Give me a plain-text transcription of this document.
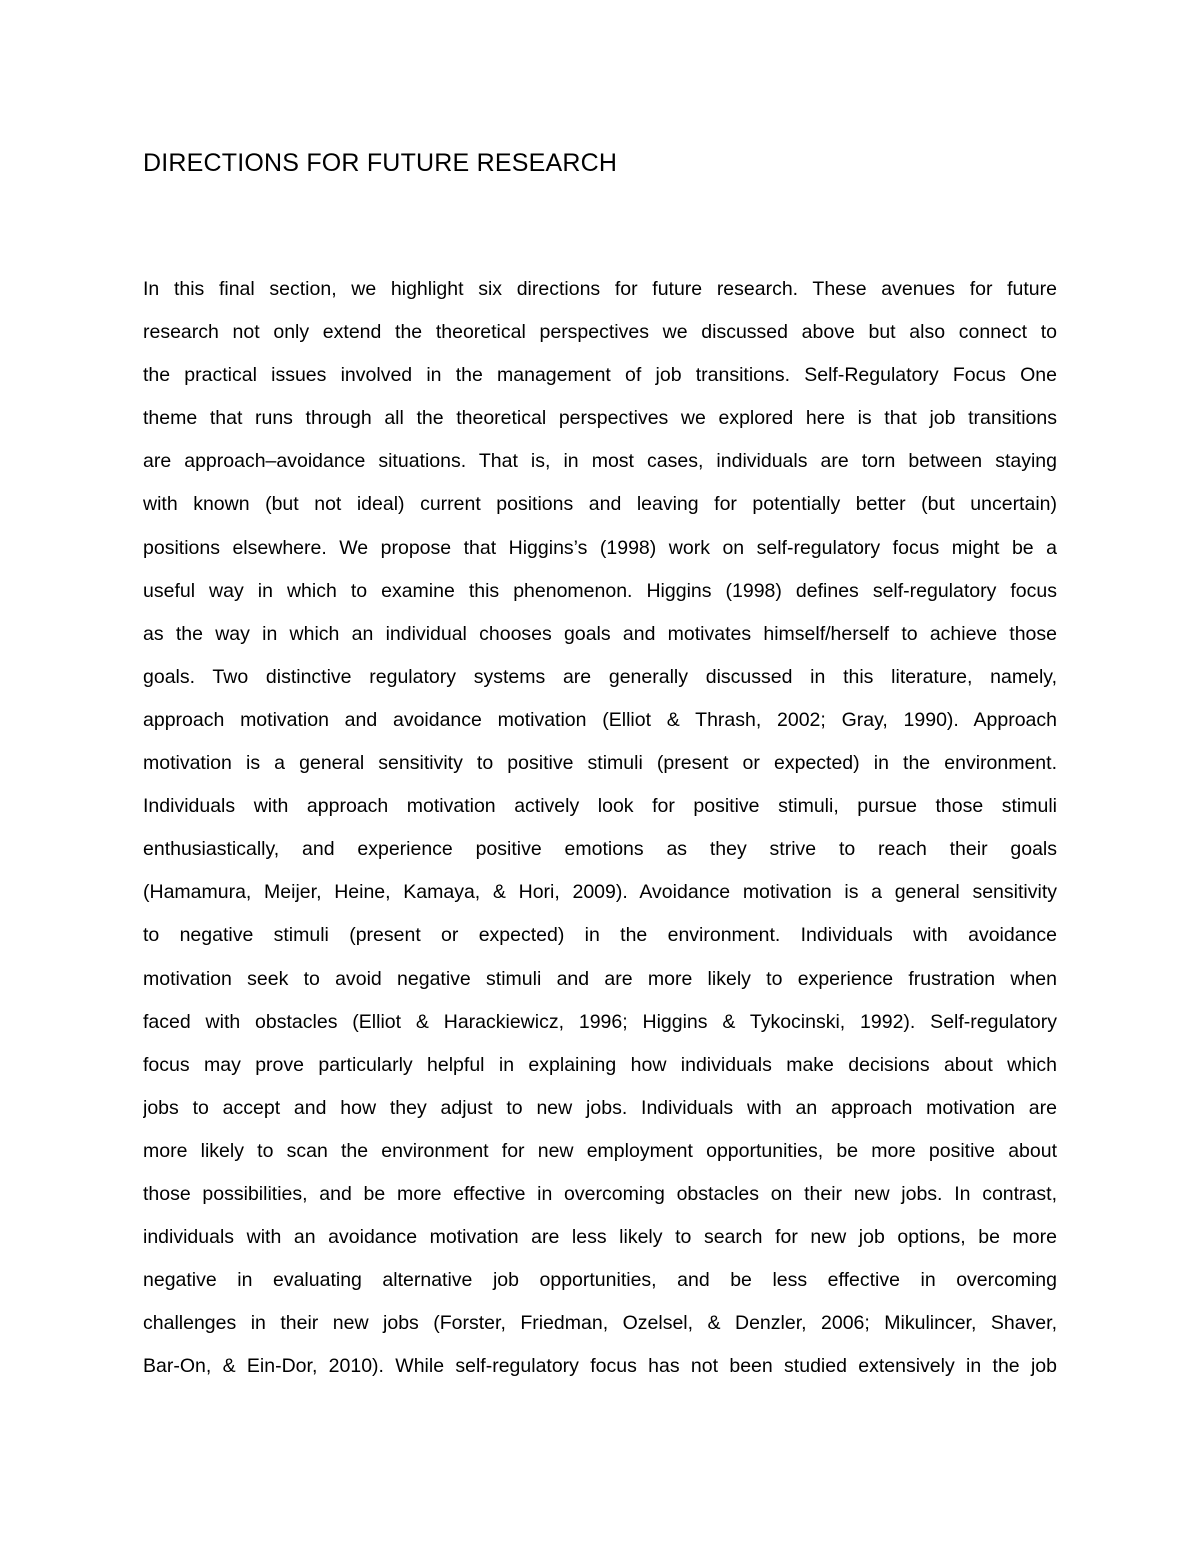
DIRECTIONS FOR FUTURE RESEARCH
In this final section, we highlight six directions for future research. These avenues for future
research not only extend the theoretical perspectives we discussed above but also connect to
the practical issues involved in the management of job transitions. Self-Regulatory Focus One
theme that runs through all the theoretical perspectives we explored here is that job transitions
are approach–avoidance situations. That is, in most cases, individuals are torn between staying
with known (but not ideal) current positions and leaving for potentially better (but uncertain)
positions elsewhere. We propose that Higgins’s (1998) work on self-regulatory focus might be a
useful way in which to examine this phenomenon. Higgins (1998) defines self-regulatory focus
as the way in which an individual chooses goals and motivates himself/herself to achieve those
goals. Two distinctive regulatory systems are generally discussed in this literature, namely,
approach motivation and avoidance motivation (Elliot & Thrash, 2002; Gray, 1990). Approach
motivation is a general sensitivity to positive stimuli (present or expected) in the environment.
Individuals with approach motivation actively look for positive stimuli, pursue those stimuli
enthusiastically, and experience positive emotions as they strive to reach their goals
(Hamamura, Meijer, Heine, Kamaya, & Hori, 2009). Avoidance motivation is a general sensitivity
to negative stimuli (present or expected) in the environment. Individuals with avoidance
motivation seek to avoid negative stimuli and are more likely to experience frustration when
faced with obstacles (Elliot & Harackiewicz, 1996; Higgins & Tykocinski, 1992). Self-regulatory
focus may prove particularly helpful in explaining how individuals make decisions about which
jobs to accept and how they adjust to new jobs. Individuals with an approach motivation are
more likely to scan the environment for new employment opportunities, be more positive about
those possibilities, and be more effective in overcoming obstacles on their new jobs. In contrast,
individuals with an avoidance motivation are less likely to search for new job options, be more
negative in evaluating alternative job opportunities, and be less effective in overcoming
challenges in their new jobs (Forster, Friedman, Ozelsel, & Denzler, 2006; Mikulincer, Shaver,
Bar-On, & Ein-Dor, 2010). While self-regulatory focus has not been studied extensively in the job
